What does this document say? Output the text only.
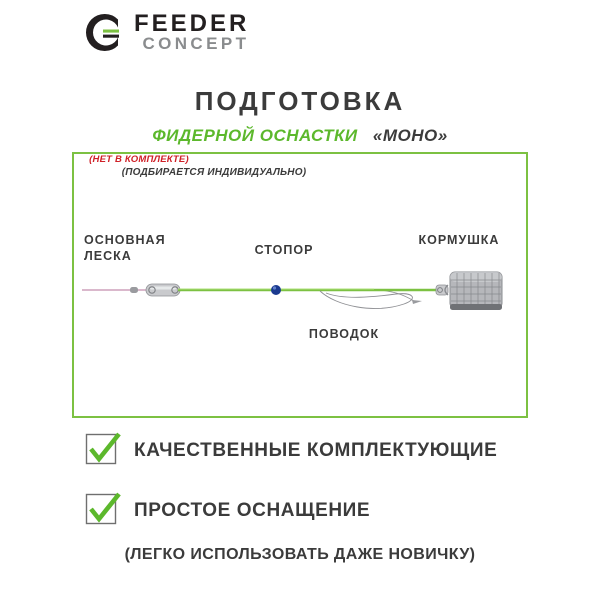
FEEDER
CONCEPT
ПОДГОТОВКА
ФИДЕРНОЙ ОСНАСТКИ «МОНО»
ОСНОВНАЯ
ЛЕСКА	СТОПОР
КОРМУШКА
(НЕТ В КОМПЛЕКТЕ)
ПОВОДОК
(ПОДБИРАЕТСЯ ИНДИВИДУАЛЬНО)
КАЧЕСТВЕННЫЕ КОМПЛЕКТУЮЩИЕ
ПРОСТОЕ ОСНАЩЕНИЕ
(ЛЕГКО ИСПОЛЬЗОВАТЬ ДАЖЕ НОВИЧКУ)
